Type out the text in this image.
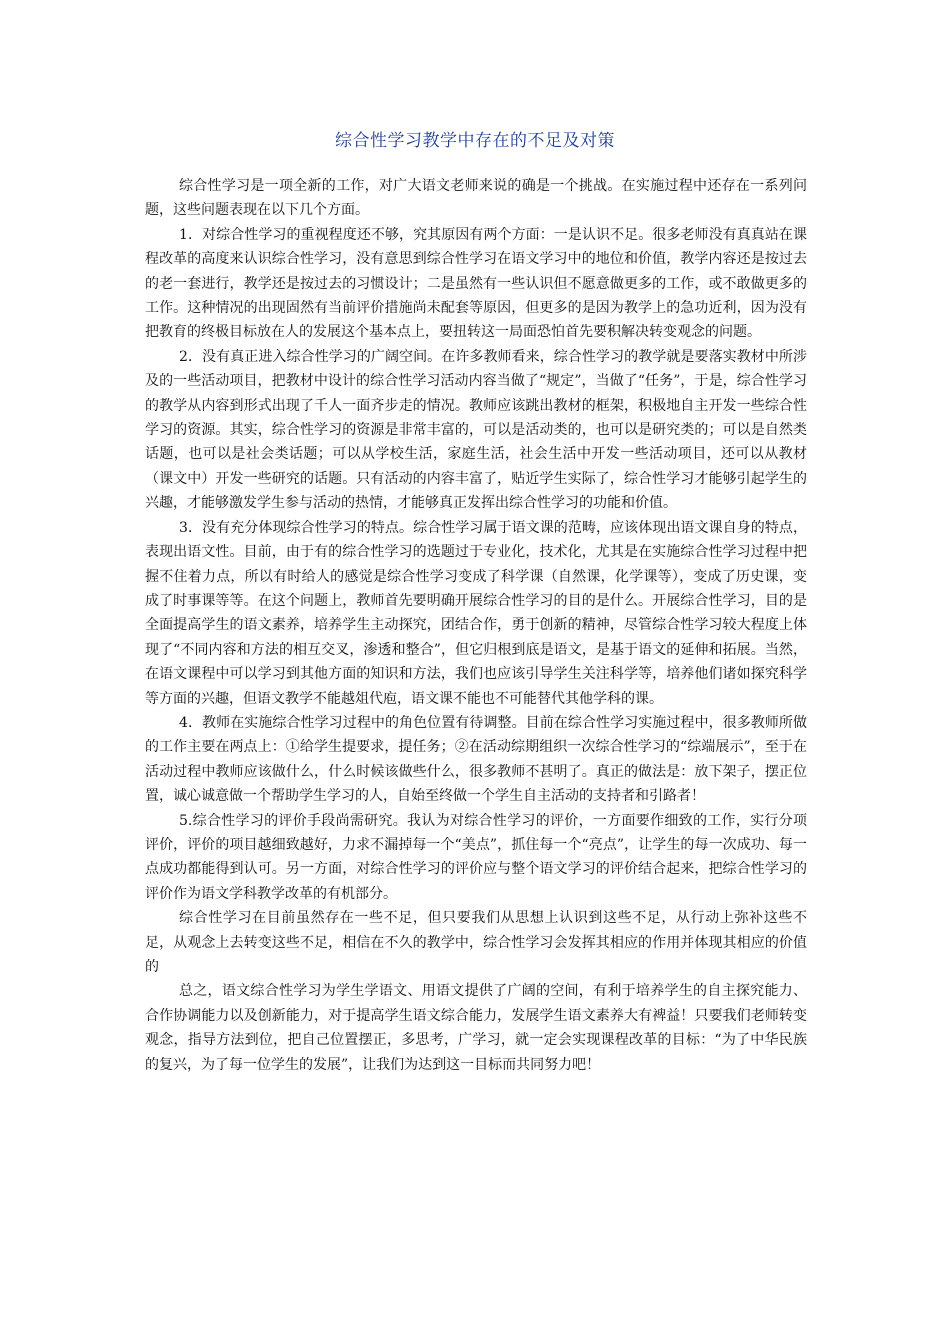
综合性学习教学中存在的不足及对策

综合性学习是一项全新的工作，对广大语文老师来说的确是一个挑战。在实施过程中还存在一系列问题，这些问题表现在以下几个方面。

1．对综合性学习的重视程度还不够，究其原因有两个方面：一是认识不足。很多老师没有真真站在课程改革的高度来认识综合性学习，没有意思到综合性学习在语文学习中的地位和价值，教学内容还是按过去的老一套进行，教学还是按过去的习惯设计；二是虽然有一些认识但不愿意做更多的工作，或不敢做更多的工作。这种情况的出现固然有当前评价措施尚未配套等原因，但更多的是因为教学上的急功近利，因为没有把教育的终极目标放在人的发展这个基本点上，要扭转这一局面恐怕首先要积解决转变观念的问题。

2．没有真正进入综合性学习的广阔空间。在许多教师看来，综合性学习的教学就是要落实教材中所涉及的一些活动项目，把教材中设计的综合性学习活动内容当做了“规定”，当做了“任务”，于是，综合性学习的教学从内容到形式出现了千人一面齐步走的情况。教师应该跳出教材的框架，积极地自主开发一些综合性学习的资源。其实，综合性学习的资源是非常丰富的，可以是活动类的，也可以是研究类的；可以是自然类话题，也可以是社会类话题；可以从学校生活，家庭生活，社会生活中开发一些活动项目，还可以从教材（课文中）开发一些研究的话题。只有活动的内容丰富了，贴近学生实际了，综合性学习才能够引起学生的兴趣，才能够激发学生参与活动的热情，才能够真正发挥出综合性学习的功能和价值。

3．没有充分体现综合性学习的特点。综合性学习属于语文课的范畴，应该体现出语文课自身的特点，表现出语文性。目前，由于有的综合性学习的选题过于专业化，技术化，尤其是在实施综合性学习过程中把握不住着力点，所以有时给人的感觉是综合性学习变成了科学课（自然课，化学课等），变成了历史课，变成了时事课等等。在这个问题上，教师首先要明确开展综合性学习的目的是什么。开展综合性学习，目的是全面提高学生的语文素养，培养学生主动探究，团结合作，勇于创新的精神，尽管综合性学习较大程度上体现了“不同内容和方法的相互交叉，渗透和整合”，但它归根到底是语文，是基于语文的延伸和拓展。当然，在语文课程中可以学习到其他方面的知识和方法，我们也应该引导学生关注科学等，培养他们诸如探究科学等方面的兴趣，但语文教学不能越俎代庖，语文课不能也不可能替代其他学科的课。

4．教师在实施综合性学习过程中的角色位置有待调整。目前在综合性学习实施过程中，很多教师所做的工作主要在两点上：①给学生提要求，提任务；②在活动综期组织一次综合性学习的“综端展示”，至于在活动过程中教师应该做什么，什么时候该做些什么，很多教师不甚明了。真正的做法是：放下架子，摆正位置，诚心诚意做一个帮助学生学习的人，自始至终做一个学生自主活动的支持者和引路者！

5.综合性学习的评价手段尚需研究。我认为对综合性学习的评价，一方面要作细致的工作，实行分项评价，评价的项目越细致越好，力求不漏掉每一个“美点”，抓住每一个“亮点”，让学生的每一次成功、每一点成功都能得到认可。另一方面，对综合性学习的评价应与整个语文学习的评价结合起来，把综合性学习的评价作为语文学科教学改革的有机部分。

综合性学习在目前虽然存在一些不足，但只要我们从思想上认识到这些不足，从行动上弥补这些不足，从观念上去转变这些不足，相信在不久的教学中，综合性学习会发挥其相应的作用并体现其相应的价值的

总之，语文综合性学习为学生学语文、用语文提供了广阔的空间，有利于培养学生的自主探究能力、合作协调能力以及创新能力，对于提高学生语文综合能力，发展学生语文素养大有裨益！只要我们老师转变观念，指导方法到位，把自己位置摆正，多思考，广学习，就一定会实现课程改革的目标：“为了中华民族的复兴，为了每一位学生的发展”，让我们为达到这一目标而共同努力吧！
